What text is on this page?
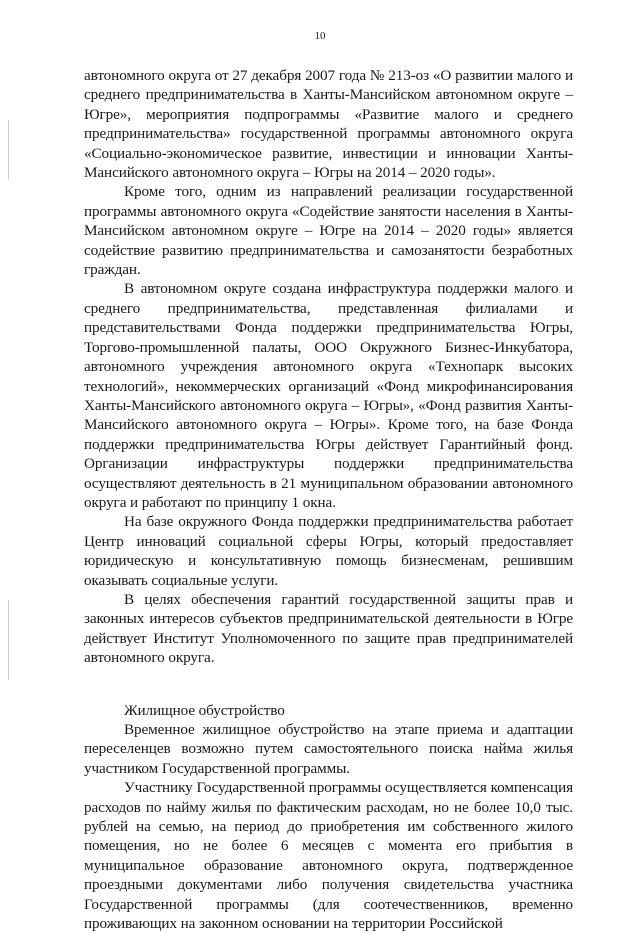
10

автономного округа от 27 декабря 2007 года № 213-оз «О развитии малого и среднего предпринимательства в Ханты-Мансийском автономном округе – Югре», мероприятия подпрограммы «Развитие малого и среднего предпринимательства» государственной программы автономного округа «Социально-экономическое развитие, инвестиции и инновации Ханты-Мансийского автономного округа – Югры на 2014 – 2020 годы».

Кроме того, одним из направлений реализации государственной программы автономного округа «Содействие занятости населения в Ханты-Мансийском автономном округе – Югре на 2014 – 2020 годы» является содействие развитию предпринимательства и самозанятости безработных граждан.

В автономном округе создана инфраструктура поддержки малого и среднего предпринимательства, представленная филиалами и представительствами Фонда поддержки предпринимательства Югры, Торгово-промышленной палаты, ООО Окружного Бизнес-Инкубатора, автономного учреждения автономного округа «Технопарк высоких технологий», некоммерческих организаций «Фонд микрофинансирования Ханты-Мансийского автономного округа – Югры», «Фонд развития Ханты-Мансийского автономного округа – Югры». Кроме того, на базе Фонда поддержки предпринимательства Югры действует Гарантийный фонд. Организации инфраструктуры поддержки предпринимательства осуществляют деятельность в 21 муниципальном образовании автономного округа и работают по принципу 1 окна.

На базе окружного Фонда поддержки предпринимательства работает Центр инноваций социальной сферы Югры, который предоставляет юридическую и консультативную помощь бизнесменам, решившим оказывать социальные услуги.

В целях обеспечения гарантий государственной защиты прав и законных интересов субъектов предпринимательской деятельности в Югре действует Институт Уполномоченного по защите прав предпринимателей автономного округа.

Жилищное обустройство

Временное жилищное обустройство на этапе приема и адаптации переселенцев возможно путем самостоятельного поиска найма жилья участником Государственной программы.

Участнику Государственной программы осуществляется компенсация расходов по найму жилья по фактическим расходам, но не более 10,0 тыс. рублей на семью, на период до приобретения им собственного жилого помещения, но не более 6 месяцев с момента его прибытия в муниципальное образование автономного округа, подтвержденное проездными документами либо получения свидетельства участника Государственной программы (для соотечественников, временно проживающих на законном основании на территории Российской
